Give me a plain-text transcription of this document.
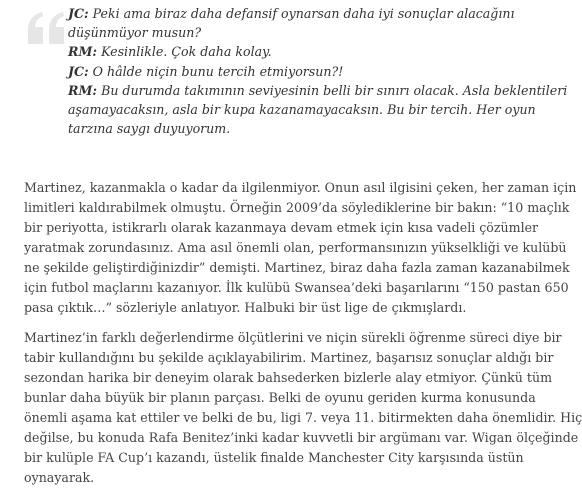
JC: Peki ama biraz daha defansif oynarsan daha iyi sonuçlar alacağını

düşünmüyor musun?

RM: Kesinlikle. Çok daha kolay.

JC: O hâlde niçin bunu tercih etmiyorsun?!

RM: Bu durumda takımının seviyesinin belli bir sınırı olacak. Asla beklentileri

aşamayacaksın, asla bir kupa kazanamayacaksın. Bu bir tercih. Her oyun

tarzına saygı duyuyorum.

Martinez, kazanmakla o kadar da ilgilenmiyor. Onun asıl ilgisini çeken, her zaman için
limitleri kaldırabilmek olmuştu. Örneğin 2009’da söylediklerine bir bakın: “10 maçlık
bir periyotta, istikrarlı olarak kazanmaya devam etmek için kısa vadeli çözümler
yaratmak zorundasınız. Ama asıl önemli olan, performansınızın yükselkliği ve kulübü
ne şekilde geliştirdiğinizdir” demişti. Martinez, biraz daha fazla zaman kazanabilmek
için futbol maçlarını kazanıyor. İlk kulübü Swansea’deki başarılarını “150 pastan 650
pasa çıktık…” sözleriyle anlatıyor. Halbuki bir üst lige de çıkmışlardı.
Martinez’in farklı değerlendirme ölçütlerini ve niçin sürekli öğrenme süreci diye bir
tabir kullandığını bu şekilde açıklayabilirim. Martinez, başarısız sonuçlar aldığı bir
sezondan harika bir deneyim olarak bahsederken bizlerle alay etmiyor. Çünkü tüm
bunlar daha büyük bir planın parçası. Belki de oyunu geriden kurma konusunda
önemli aşama kat ettiler ve belki de bu, ligi 7. veya 11. bitirmekten daha önemlidir. Hiç
değilse, bu konuda Rafa Benitez’inki kadar kuvvetli bir argümanı var. Wigan ölçeğinde
bir kulüple FA Cup’ı kazandı, üstelik finalde Manchester City karşısında üstün
oynayarak.
